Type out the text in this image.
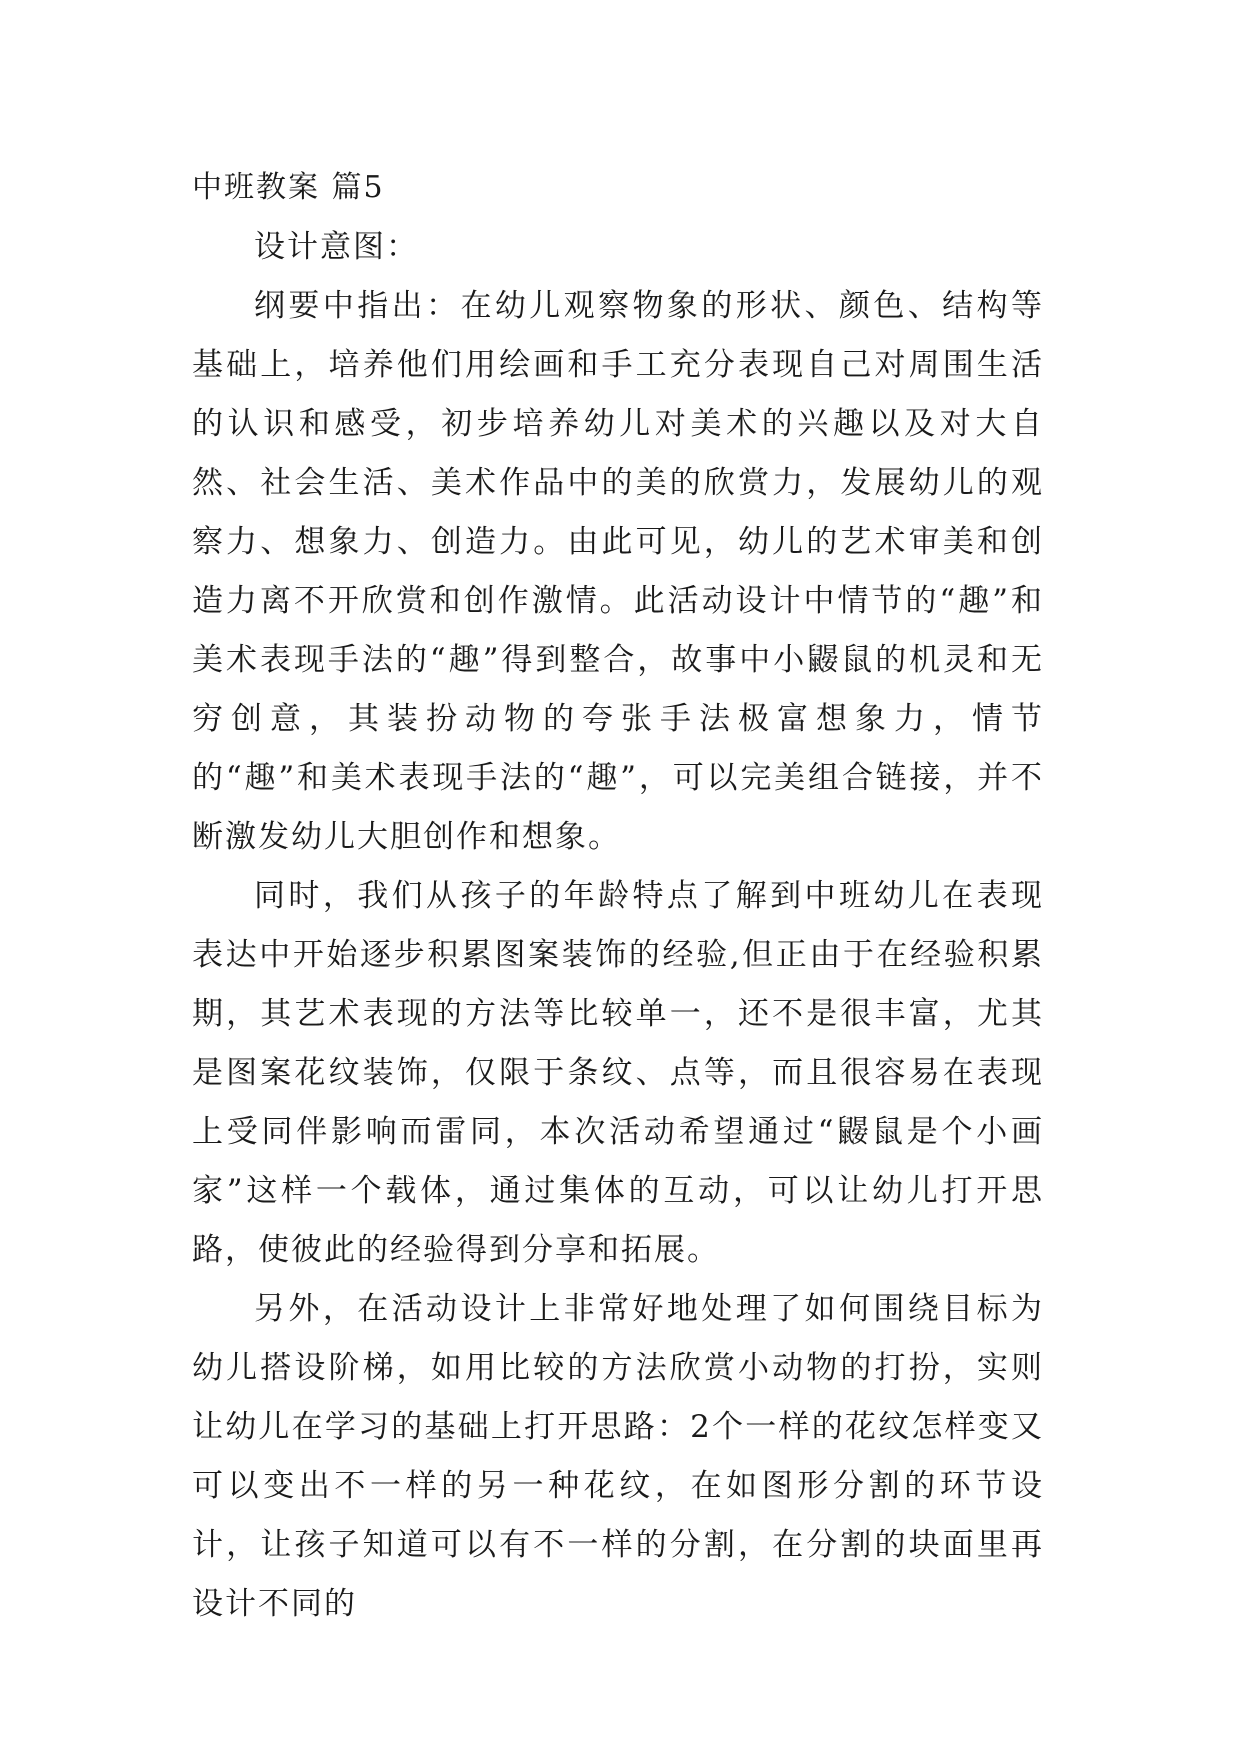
中班教案 篇5

设计意图：

纲要中指出：在幼儿观察物象的形状、颜色、结构等基础上，培养他们用绘画和手工充分表现自己对周围生活的认识和感受，初步培养幼儿对美术的兴趣以及对大自然、社会生活、美术作品中的美的欣赏力，发展幼儿的观察力、想象力、创造力。由此可见，幼儿的艺术审美和创造力离不开欣赏和创作激情。此活动设计中情节的“趣”和美术表现手法的“趣”得到整合，故事中小鼹鼠的机灵和无穷创意，其装扮动物的夸张手法极富想象力，情节的“趣”和美术表现手法的“趣”，可以完美组合链接，并不断激发幼儿大胆创作和想象。

同时，我们从孩子的年龄特点了解到中班幼儿在表现表达中开始逐步积累图案装饰的经验,但正由于在经验积累期，其艺术表现的方法等比较单一，还不是很丰富，尤其是图案花纹装饰，仅限于条纹、点等，而且很容易在表现上受同伴影响而雷同，本次活动希望通过“鼹鼠是个小画家”这样一个载体，通过集体的互动，可以让幼儿打开思路，使彼此的经验得到分享和拓展。

另外，在活动设计上非常好地处理了如何围绕目标为幼儿搭设阶梯，如用比较的方法欣赏小动物的打扮，实则让幼儿在学习的基础上打开思路：2个一样的花纹怎样变又可以变出不一样的另一种花纹，在如图形分割的环节设计，让孩子知道可以有不一样的分割，在分割的块面里再设计不同的
